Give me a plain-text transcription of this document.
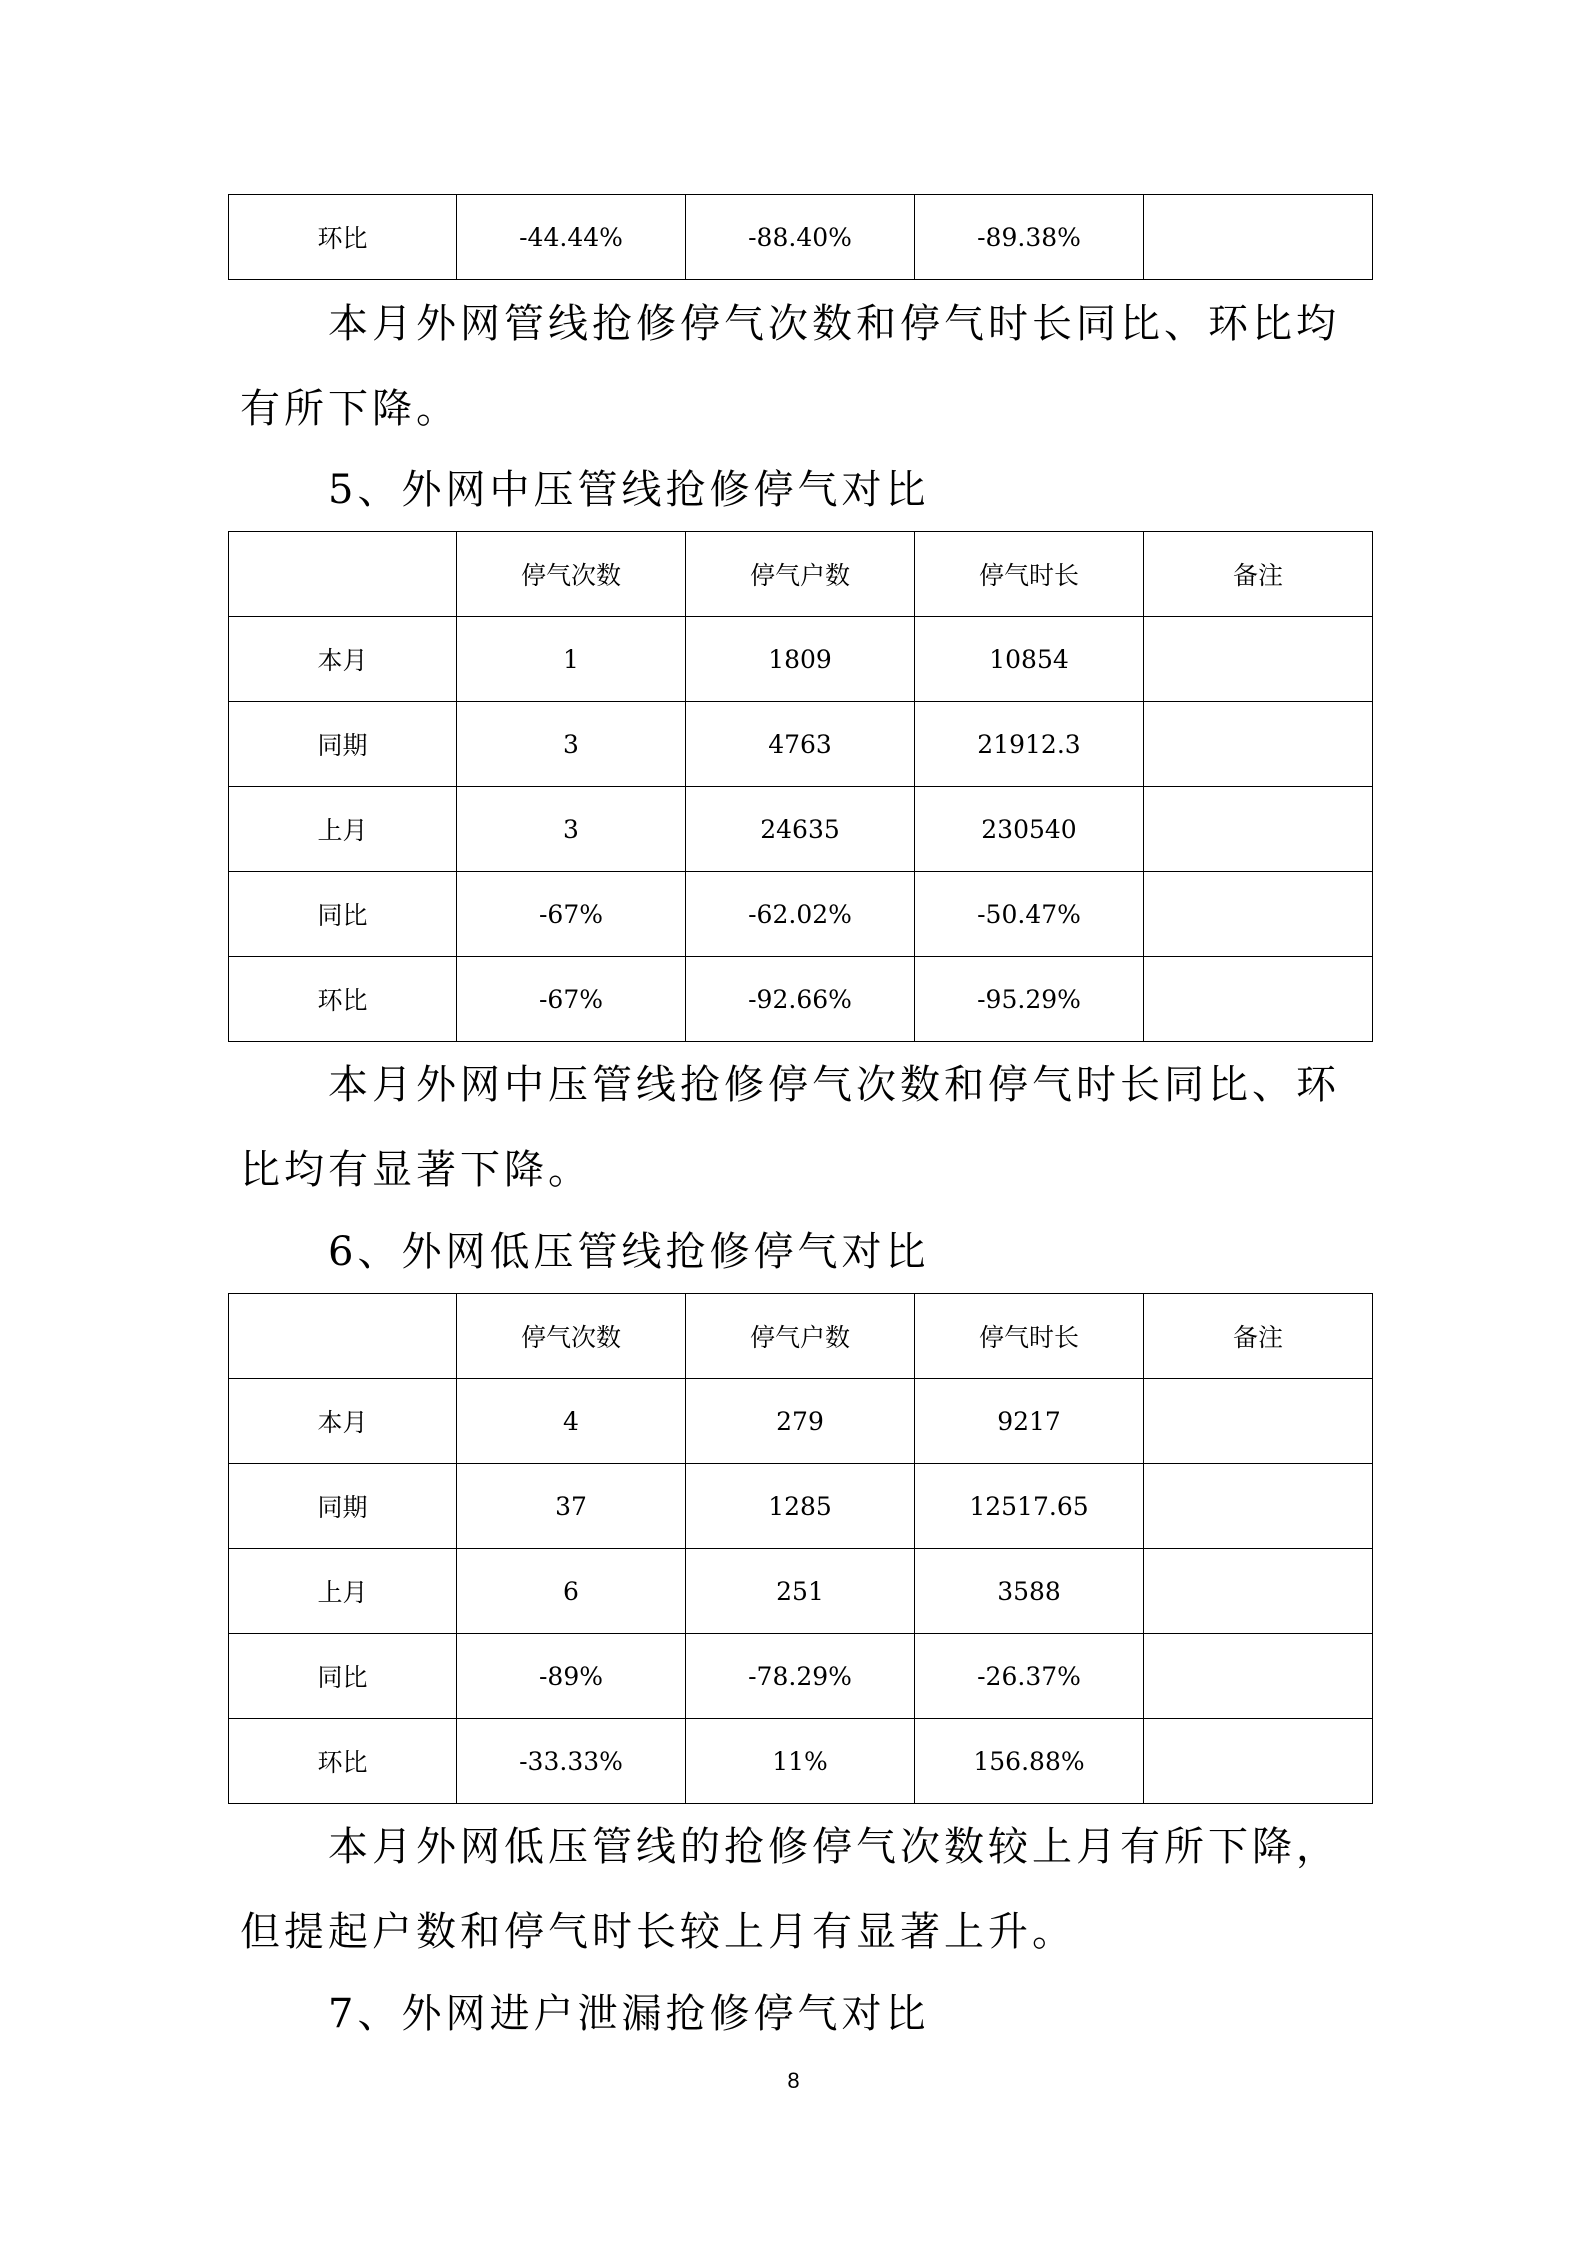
环比	-44.44%	-88.40%	-89.38%	

本月外网管线抢修停气次数和停气时长同比、环比均有所下降。

5、外网中压管线抢修停气对比

	停气次数	停气户数	停气时长	备注
本月	1	1809	10854	
同期	3	4763	21912.3	
上月	3	24635	230540	
同比	-67%	-62.02%	-50.47%	
环比	-67%	-92.66%	-95.29%	

本月外网中压管线抢修停气次数和停气时长同比、环比均有显著下降。

6、外网低压管线抢修停气对比

	停气次数	停气户数	停气时长	备注
本月	4	279	9217	
同期	37	1285	12517.65	
上月	6	251	3588	
同比	-89%	-78.29%	-26.37%	
环比	-33.33%	11%	156.88%	

本月外网低压管线的抢修停气次数较上月有所下降，但提起户数和停气时长较上月有显著上升。

7、外网进户泄漏抢修停气对比

8
